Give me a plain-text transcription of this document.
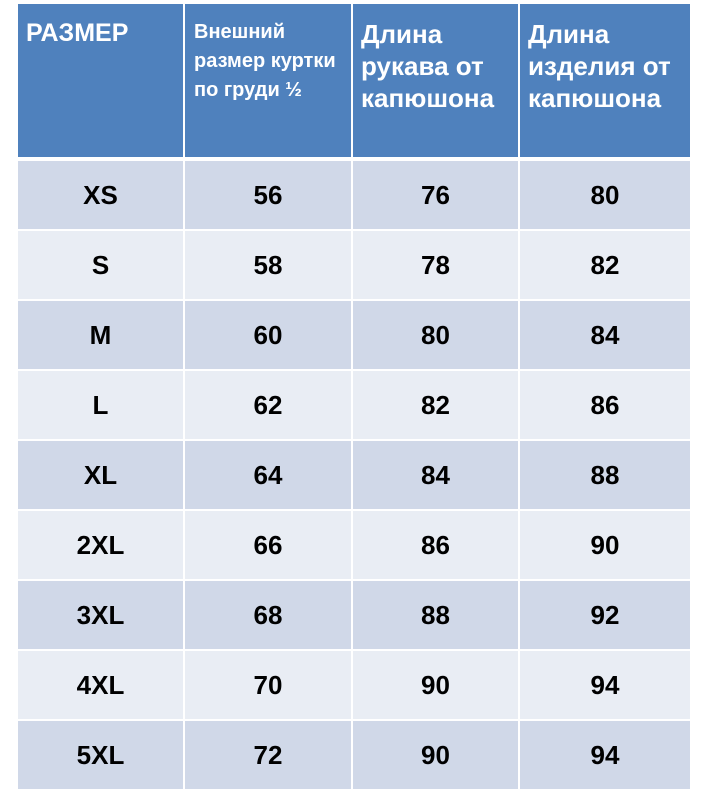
РАЗМЕР	Внешний размер куртки по груди ½	Длина рукава от капюшона	Длина изделия от капюшона

XS	56	76	80
S	58	78	82
M	60	80	84
L	62	82	86
XL	64	84	88
2XL	66	86	90
3XL	68	88	92
4XL	70	90	94
5XL	72	90	94
